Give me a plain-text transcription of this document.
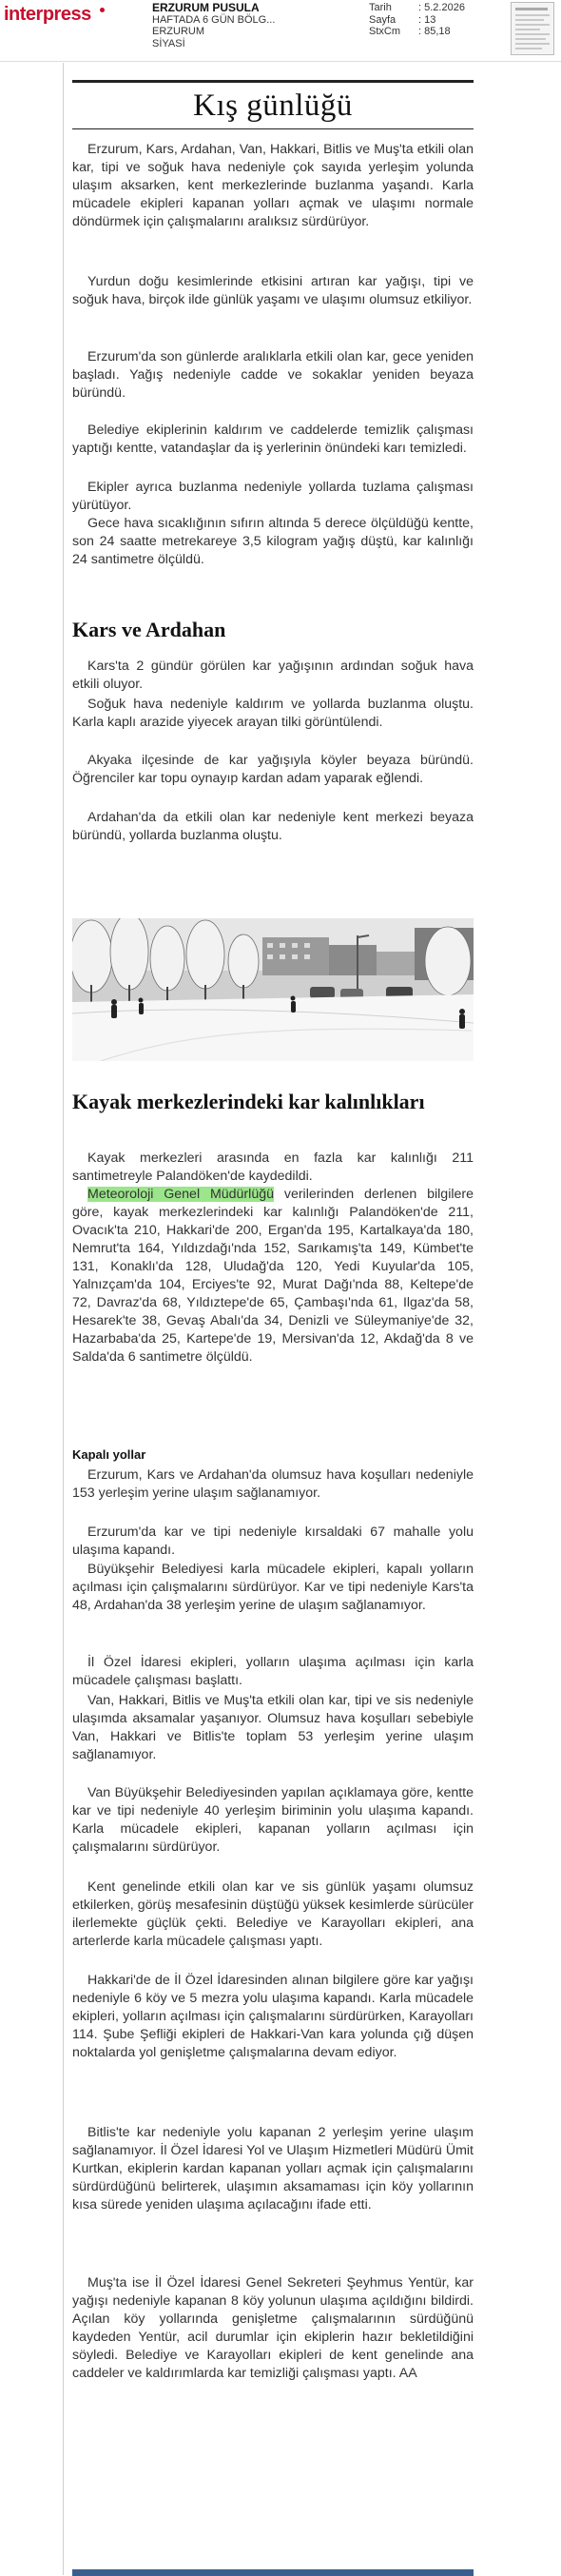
interpress	ERZURUM PUSULA
HAFTADA 6 GÜN BÖLG...
ERZURUM
SİYASİ
Tarih	: 5.2.2026
Sayfa : 13
StxCm : 85,18
Kış günlüğü

Erzurum, Kars, Ardahan, Van, Hakkari, Bitlis ve Muş'ta etkili olan kar, tipi ve soğuk hava nedeniyle çok sayıda yerleşim yolunda ulaşım aksarken, kent merkezlerinde buzlanma yaşandı. Karla mücadele ekipleri kapanan yolları açmak ve ulaşımı normale döndürmek için çalışmalarını aralıksız sürdürüyor.

Yurdun doğu kesimlerinde etkisini artıran kar yağışı, tipi ve soğuk hava, birçok ilde günlük yaşamı ve ulaşımı olumsuz etkiliyor.

Erzurum'da son günlerde aralıklarla etkili olan kar, gece yeniden başladı. Yağış nedeniyle cadde ve sokaklar yeniden beyaza büründü.

Belediye ekiplerinin kaldırım ve caddelerde temizlik çalışması yaptığı kentte, vatandaşlar da iş yerlerinin önündeki karı temizledi.

Ekipler ayrıca buzlanma nedeniyle yollarda tuzlama çalışması yürütüyor.

Gece hava sıcaklığının sıfırın altında 5 derece ölçüldüğü kentte, son 24 saatte metrekareye 3,5 kilogram yağış düştü, kar kalınlığı 24 santimetre ölçüldü.

Kars ve Ardahan

Kars'ta 2 gündür görülen kar yağışının ardından soğuk hava etkili oluyor.

Soğuk hava nedeniyle kaldırım ve yollarda buzlanma oluştu. Karla kaplı arazide yiyecek arayan tilki görüntülendi.

Akyaka ilçesinde de kar yağışıyla köyler beyaza büründü. Öğrenciler kar topu oynayıp kardan adam yaparak eğlendi.

Ardahan'da da etkili olan kar nedeniyle kent merkezi beyaza büründü, yollarda buzlanma oluştu.

Kayak merkezlerindeki kar kalınlıkları

Kayak merkezleri arasında en fazla kar kalınlığı 211 santimetreyle Palandöken'de kaydedildi.

Meteoroloji Genel Müdürlüğü verilerinden derlenen bilgilere göre, kayak merkezlerindeki kar kalınlığı Palandöken'de 211, Ovacık'ta 210, Hakkari'de 200, Ergan'da 195, Kartalkaya'da 180, Nemrut'ta 164, Yıldızdağı'nda 152, Sarıkamış'ta 149, Kümbet'te 131, Konaklı'da 128, Uludağ'da 120, Yedi Kuyular'da 105, Yalnızçam'da 104, Erciyes'te 92, Murat Dağı'nda 88, Keltepe'de 72, Davraz'da 68, Yıldıztepe'de 65, Çambaşı'nda 61, Ilgaz'da 58, Hesarek'te 38, Gevaş Abalı'da 34, Denizli ve Süleymaniye'de 32, Hazarbaba'da 25, Kartepe'de 19, Mersivan'da 12, Akdağ'da 8 ve Salda'da 6 santimetre ölçüldü.

Kapalı yollar

Erzurum, Kars ve Ardahan'da olumsuz hava koşulları nedeniyle 153 yerleşim yerine ulaşım sağlanamıyor.

Erzurum'da kar ve tipi nedeniyle kırsaldaki 67 mahalle yolu ulaşıma kapandı.

Büyükşehir Belediyesi karla mücadele ekipleri, kapalı yolların açılması için çalışmalarını sürdürüyor. Kar ve tipi nedeniyle Kars'ta 48, Ardahan'da 38 yerleşim yerine de ulaşım sağlanamıyor.

İl Özel İdaresi ekipleri, yolların ulaşıma açılması için karla mücadele çalışması başlattı.

Van, Hakkari, Bitlis ve Muş'ta etkili olan kar, tipi ve sis nedeniyle ulaşımda aksamalar yaşanıyor. Olumsuz hava koşulları sebebiyle Van, Hakkari ve Bitlis'te toplam 53 yerleşim yerine ulaşım sağlanamıyor.

Van Büyükşehir Belediyesinden yapılan açıklamaya göre, kentte kar ve tipi nedeniyle 40 yerleşim biriminin yolu ulaşıma kapandı. Karla mücadele ekipleri, kapanan yolların açılması için çalışmalarını sürdürüyor.

Kent genelinde etkili olan kar ve sis günlük yaşamı olumsuz etkilerken, görüş mesafesinin düştüğü yüksek kesimlerde sürücüler ilerlemekte güçlük çekti. Belediye ve Karayolları ekipleri, ana arterlerde karla mücadele çalışması yaptı.

Hakkari'de de İl Özel İdaresinden alınan bilgilere göre kar yağışı nedeniyle 6 köy ve 5 mezra yolu ulaşıma kapandı. Karla mücadele ekipleri, yolların açılması için çalışmalarını sürdürürken, Karayolları 114. Şube Şefliği ekipleri de Hakkari-Van kara yolunda çığ düşen noktalarda yol genişletme çalışmalarına devam ediyor.

Bitlis'te kar nedeniyle yolu kapanan 2 yerleşim yerine ulaşım sağlanamıyor. İl Özel İdaresi Yol ve Ulaşım Hizmetleri Müdürü Ümit Kurtkan, ekiplerin kardan kapanan yolları açmak için çalışmalarını sürdürdüğünü belirterek, ulaşımın aksamaması için köy yollarının kısa sürede yeniden ulaşıma açılacağını ifade etti.

Muş'ta ise İl Özel İdaresi Genel Sekreteri Şeyhmus Yentür, kar yağışı nedeniyle kapanan 8 köy yolunun ulaşıma açıldığını bildirdi. Açılan köy yollarında genişletme çalışmalarının sürdüğünü kaydeden Yentür, acil durumlar için ekiplerin hazır bekletildiğini söyledi. Belediye ve Karayolları ekipleri de kent genelinde ana caddeler ve kaldırımlarda kar temizliği çalışması yaptı. AA
